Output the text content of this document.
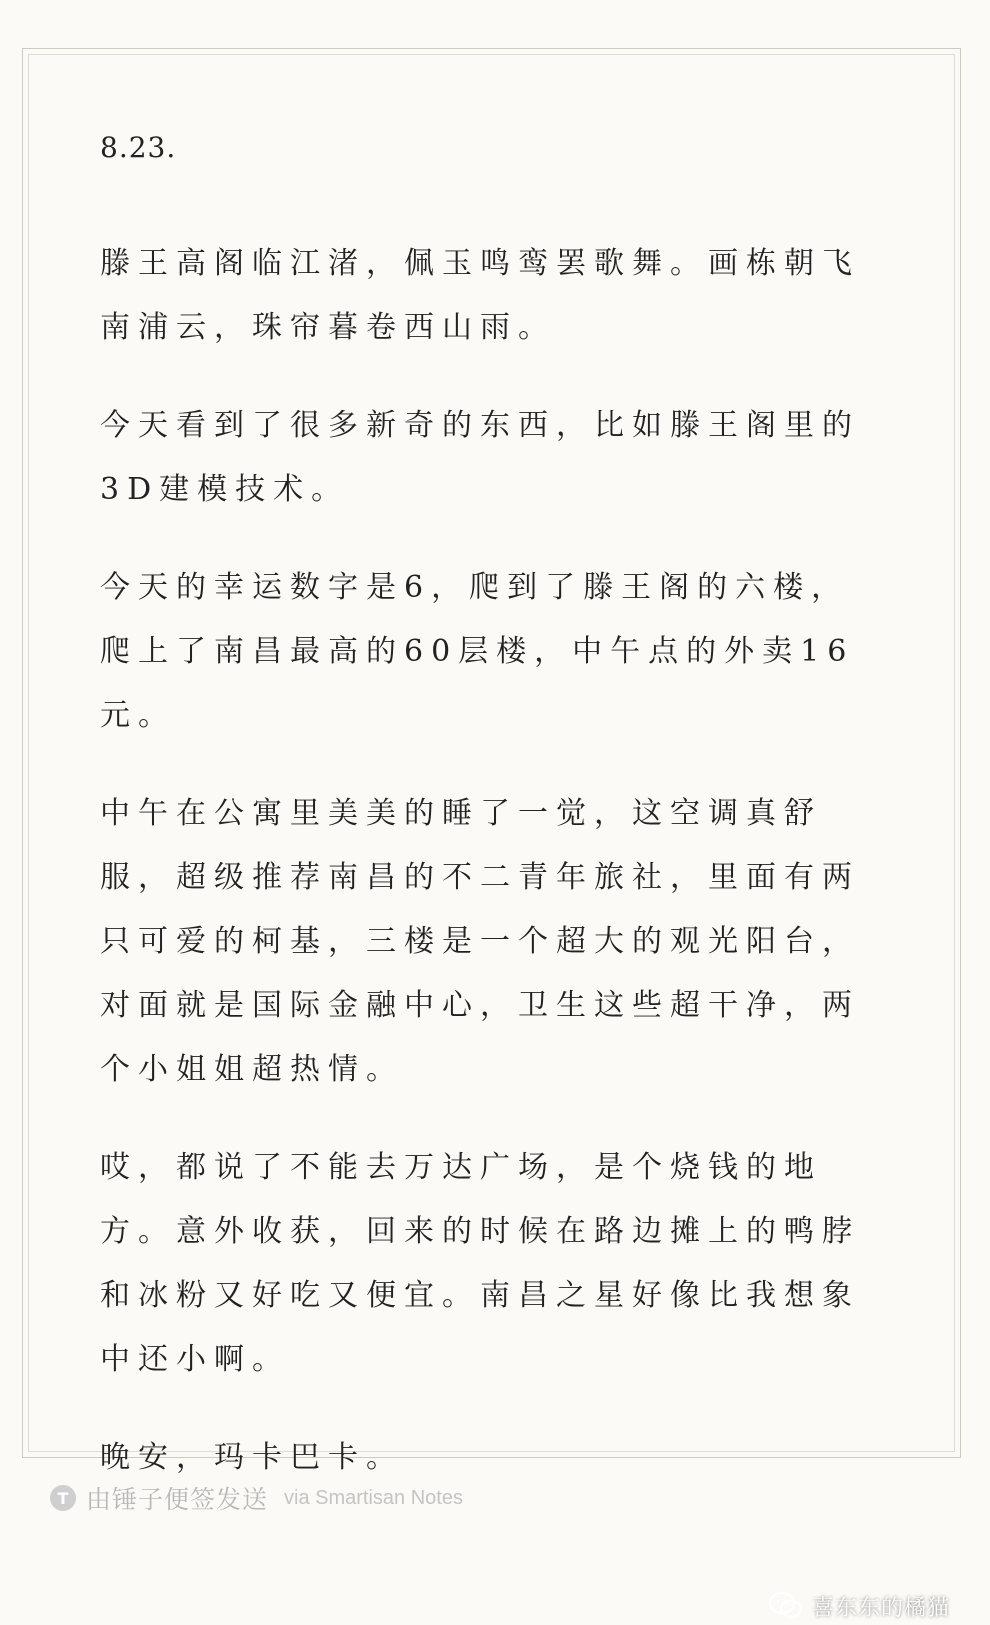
8.23.

滕王高阁临江渚，佩玉鸣鸾罢歌舞。画栋朝飞南浦云，珠帘暮卷西山雨。

今天看到了很多新奇的东西，比如滕王阁里的3D建模技术。

今天的幸运数字是6，爬到了滕王阁的六楼，爬上了南昌最高的60层楼，中午点的外卖16元。

中午在公寓里美美的睡了一觉，这空调真舒服，超级推荐南昌的不二青年旅社，里面有两只可爱的柯基，三楼是一个超大的观光阳台，对面就是国际金融中心，卫生这些超干净，两个小姐姐超热情。

哎，都说了不能去万达广场，是个烧钱的地方。意外收获，回来的时候在路边摊上的鸭脖和冰粉又好吃又便宜。南昌之星好像比我想象中还小啊。

晚安，玛卡巴卡。

T 由锤子便签发送 via Smartisan Notes
喜东东的橘猫
